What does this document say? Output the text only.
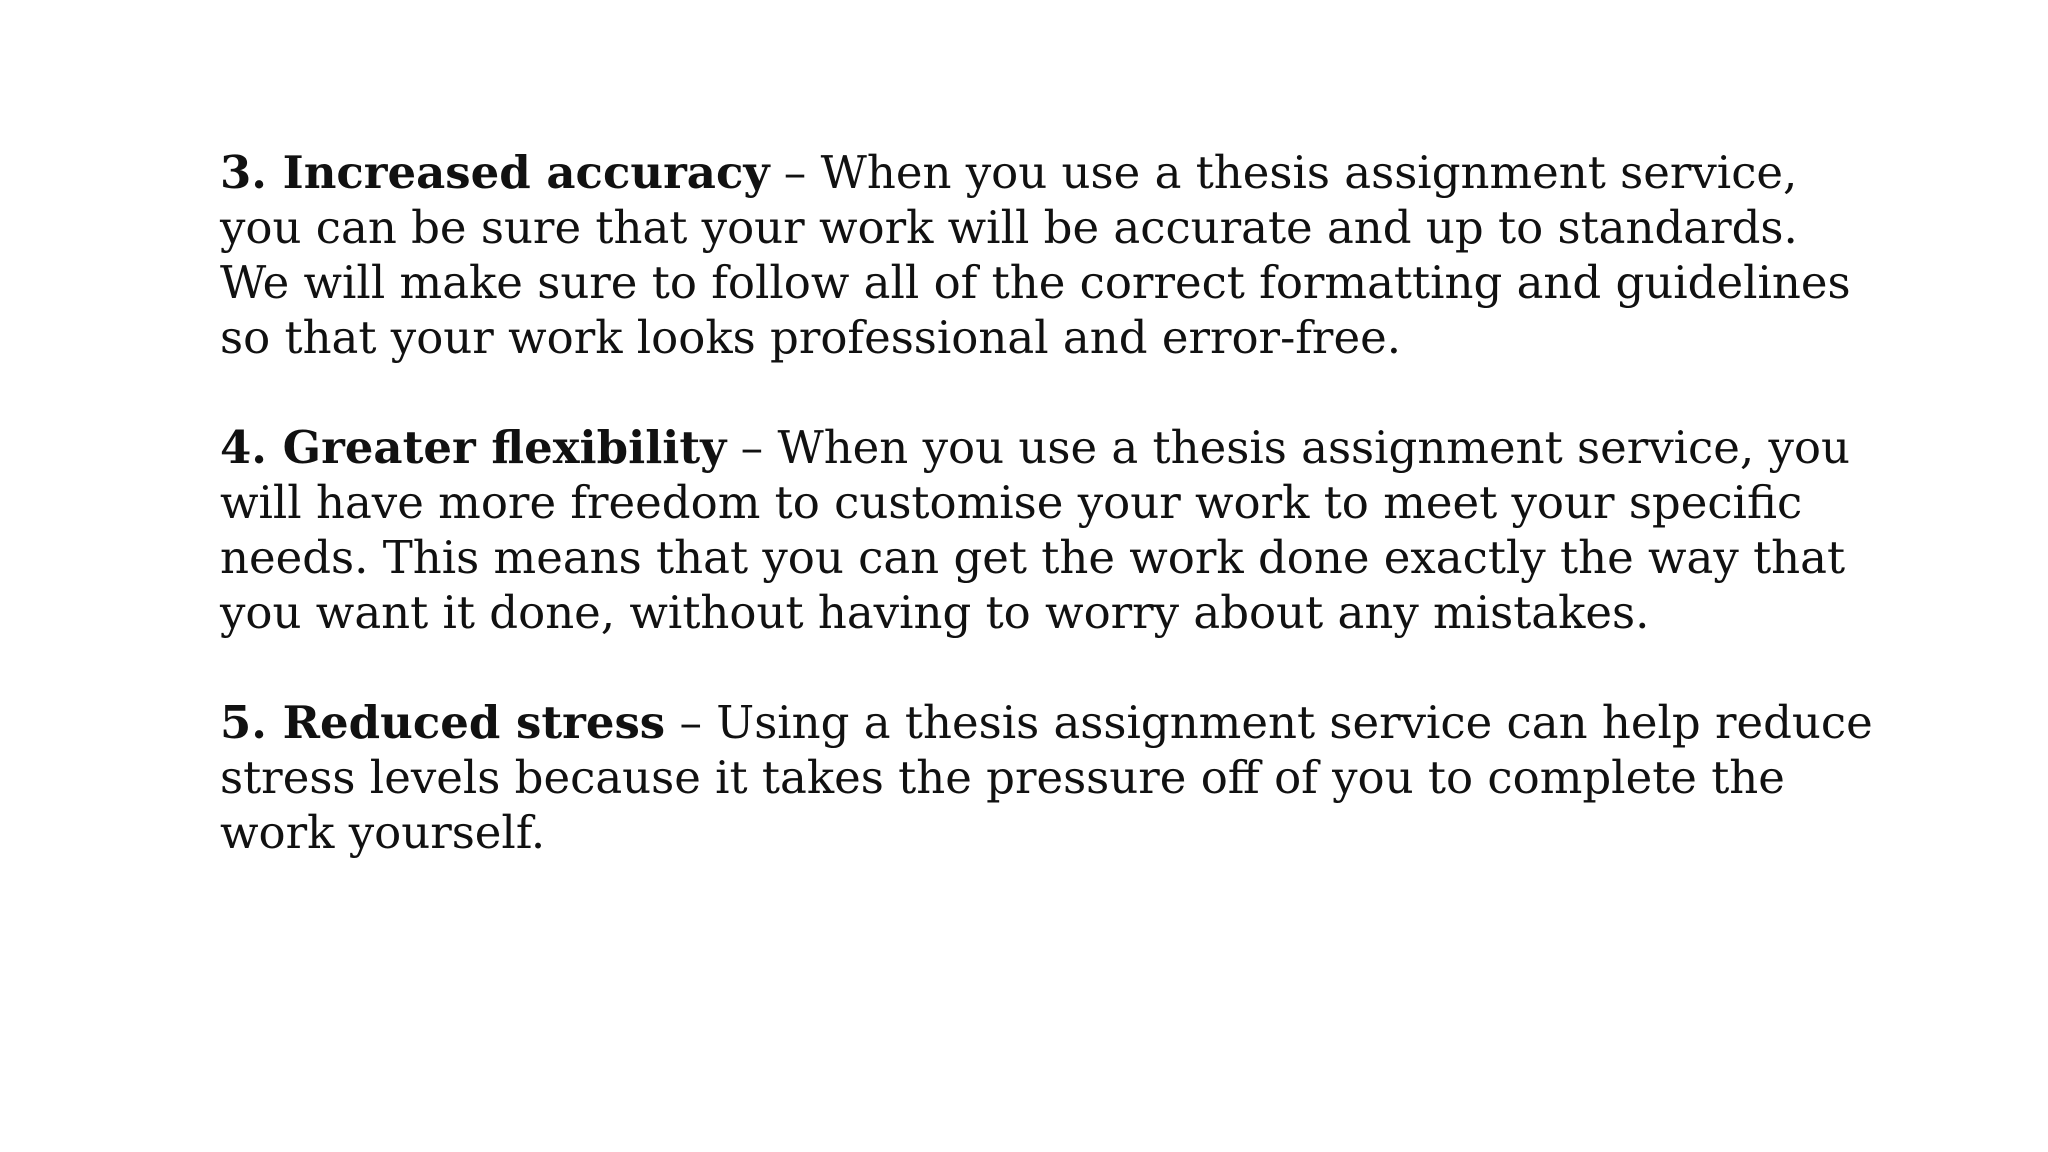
3. Increased accuracy – When you use a thesis assignment service, you can be sure that your work will be accurate and up to standards. We will make sure to follow all of the correct formatting and guidelines so that your work looks professional and error-free.

4. Greater flexibility – When you use a thesis assignment service, you will have more freedom to customise your work to meet your specific needs. This means that you can get the work done exactly the way that you want it done, without having to worry about any mistakes.

5. Reduced stress – Using a thesis assignment service can help reduce stress levels because it takes the pressure off of you to complete the work yourself.
